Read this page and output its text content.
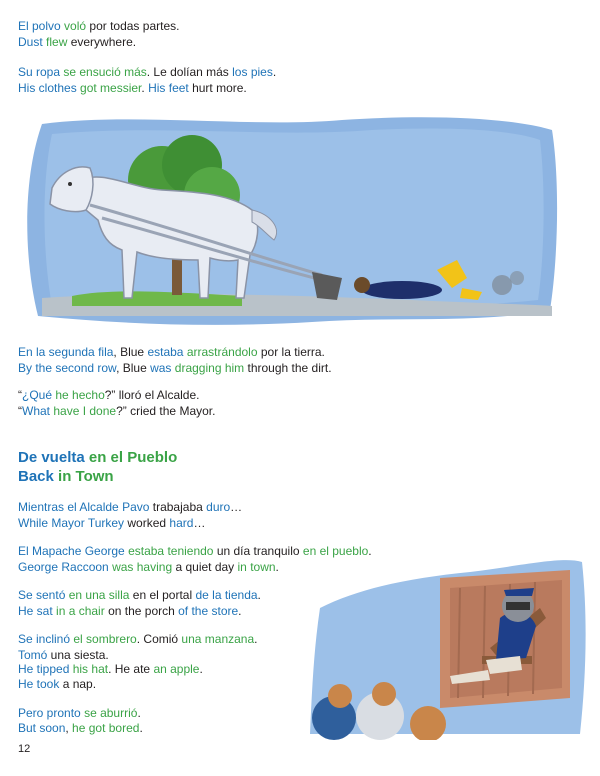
El polvo voló por todas partes.
Dust flew everywhere.
Su ropa se ensució más. Le dolían más los pies.
His clothes got messier. His feet hurt more.
En la segunda fila, Blue estaba arrastrándolo por la tierra.
By the second row, Blue was dragging him through the dirt.
“¿Qué he hecho?” lloró el Alcalde.
“What have I done?” cried the Mayor.
De vuelta en el Pueblo
Back in Town
Mientras el Alcalde Pavo trabajaba duro…
While Mayor Turkey worked hard…
El Mapache George estaba teniendo un día tranquilo en el pueblo.
George Raccoon was having a quiet day in town.
Se sentó en una silla en el portal de la tienda.
He sat in a chair on the porch of the store.
Se inclinó el sombrero. Comió una manzana.
Tomó una siesta.
He tipped his hat. He ate an apple.
He took a nap.
Pero pronto se aburrió.
But soon, he got bored.
12
